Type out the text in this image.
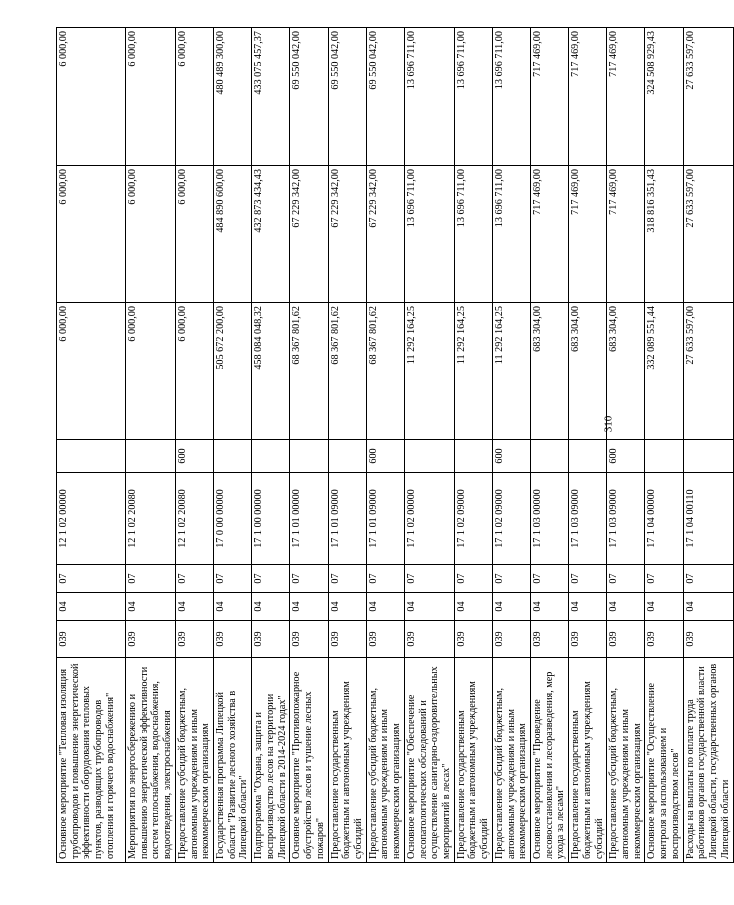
310
Основное мероприятие "Тепловая изоляция трубопроводов и повышение энергетической эффективности оборудования тепловых пунктов, разводящих трубопроводов отопления и горячего водоснабжения"	039	04	07	12 1 02 00000		6 000,00	6 000,00	6 000,00
Мероприятия по энергосбережению и повышению энергетической эффективности систем теплоснабжения, водоснабжения, водоотведения, электроснабжения	039	04	07	12 1 02 20080		6 000,00	6 000,00	6 000,00
Предоставление субсидий бюджетным, автономным учреждениям и иным некоммерческим организациям	039	04	07	12 1 02 20080	600	6 000,00	6 000,00	6 000,00
Государственная программа Липецкой области "Развитие лесного хозяйства в Липецкой области"	039	04	07	17 0 00 00000		505 672 200,00	484 890 600,00	480 489 300,00
Подпрограмма "Охрана, защита и воспроизводство лесов на территории Липецкой области в 2014-2024 годах"	039	04	07	17 1 00 00000		458 084 048,32	432 873 434,43	433 075 457,37
Основное мероприятие "Противопожарное обустройство лесов и тушение лесных пожаров"	039	04	07	17 1 01 00000		68 367 801,62	67 229 342,00	69 550 042,00
Предоставление государственным бюджетным и автономным учреждениям субсидий	039	04	07	17 1 01 09000		68 367 801,62	67 229 342,00	69 550 042,00
Предоставление субсидий бюджетным, автономным учреждениям и иным некоммерческим организациям	039	04	07	17 1 01 09000	600	68 367 801,62	67 229 342,00	69 550 042,00
Основное мероприятие "Обеспечение лесопатологических обследований и осуществление санитарно-оздоровительных мероприятий в лесах"	039	04	07	17 1 02 00000		11 292 164,25	13 696 711,00	13 696 711,00
Предоставление государственным бюджетным и автономным учреждениям субсидий	039	04	07	17 1 02 09000		11 292 164,25	13 696 711,00	13 696 711,00
Предоставление субсидий бюджетным, автономным учреждениям и иным некоммерческим организациям	039	04	07	17 1 02 09000	600	11 292 164,25	13 696 711,00	13 696 711,00
Основное мероприятие "Проведение лесовосстановления и лесоразведения, мер ухода за лесами"	039	04	07	17 1 03 00000		683 304,00	717 469,00	717 469,00
Предоставление государственным бюджетным и автономным учреждениям субсидий	039	04	07	17 1 03 09000		683 304,00	717 469,00	717 469,00
Предоставление субсидий бюджетным, автономным учреждениям и иным некоммерческим организациям	039	04	07	17 1 03 09000	600	683 304,00	717 469,00	717 469,00
Основное мероприятие "Осуществление контроля за использованием и воспроизводством лесов"	039	04	07	17 1 04 00000		332 089 551,44	318 816 351,43	324 508 929,43
Расходы на выплаты по оплате труда работников органов государственной власти Липецкой области, государственных органов Липецкой области	039	04	07	17 1 04 00110		27 633 597,00	27 633 597,00	27 633 597,00
